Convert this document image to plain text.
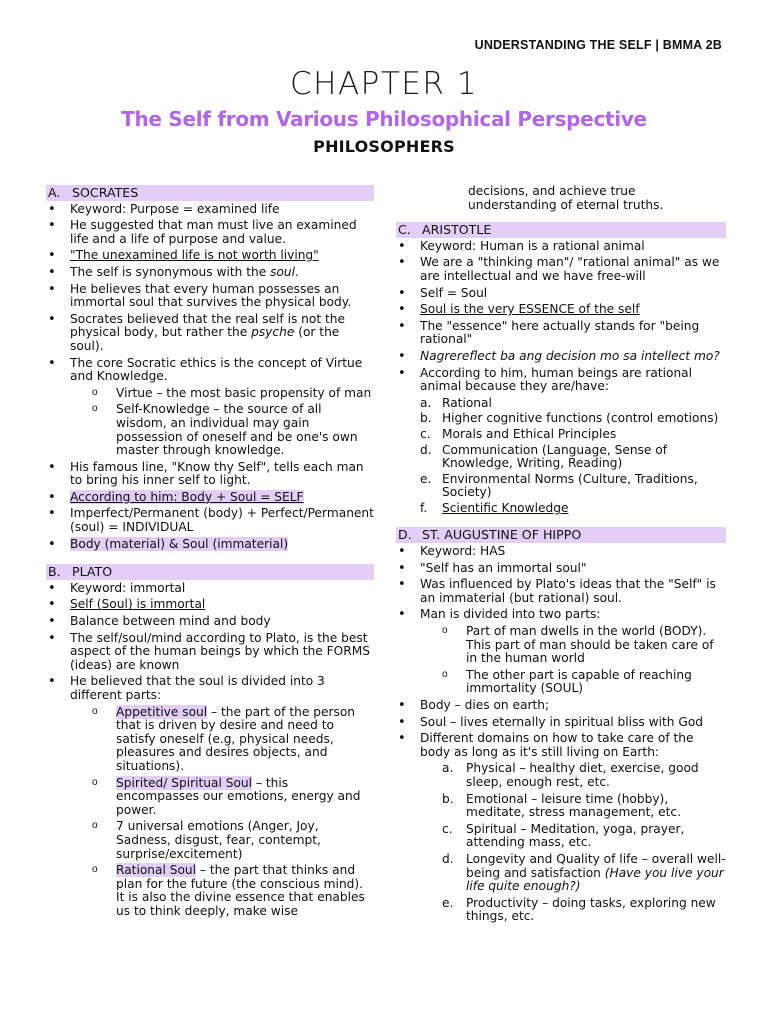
UNDERSTANDING THE SELF | BMMA 2B
CHAPTER 1
The Self from Various Philosophical Perspective
PHILOSOPHERS
A. SOCRATES
• Keyword: Purpose = examined life
• He suggested that man must live an examined life and a life of purpose and value.
• "The unexamined life is not worth living"
• The self is synonymous with the soul.
• He believes that every human possesses an immortal soul that survives the physical body.
• Socrates believed that the real self is not the physical body, but rather the psyche (or the soul).
• The core Socratic ethics is the concept of Virtue and Knowledge.
o Virtue – the most basic propensity of man
o Self-Knowledge – the source of all wisdom, an individual may gain possession of oneself and be one's own master through knowledge.
• His famous line, "Know thy Self", tells each man to bring his inner self to light.
• According to him: Body + Soul = SELF
• Imperfect/Permanent (body) + Perfect/Permanent (soul) = INDIVIDUAL
• Body (material) & Soul (immaterial)
B. PLATO
• Keyword: immortal
• Self (Soul) is immortal
• Balance between mind and body
• The self/soul/mind according to Plato, is the best aspect of the human beings by which the FORMS (ideas) are known
• He believed that the soul is divided into 3 different parts:
o Appetitive soul – the part of the person that is driven by desire and need to satisfy oneself (e.g, physical needs, pleasures and desires objects, and situations).
o Spirited/ Spiritual Soul – this encompasses our emotions, energy and power.
o 7 universal emotions (Anger, Joy, Sadness, disgust, fear, contempt, surprise/excitement)
o Rational Soul – the part that thinks and plan for the future (the conscious mind). It is also the divine essence that enables us to think deeply, make wise
decisions, and achieve true understanding of eternal truths.
C. ARISTOTLE
• Keyword: Human is a rational animal
• We are a "thinking man"/ "rational animal" as we are intellectual and we have free-will
• Self = Soul
• Soul is the very ESSENCE of the self
• The "essence" here actually stands for "being rational"
• Nagrereflect ba ang decision mo sa intellect mo?
• According to him, human beings are rational animal because they are/have:
a. Rational
b. Higher cognitive functions (control emotions)
c. Morals and Ethical Principles
d. Communication (Language, Sense of Knowledge, Writing, Reading)
e. Environmental Norms (Culture, Traditions, Society)
f. Scientific Knowledge
D. ST. AUGUSTINE OF HIPPO
• Keyword: HAS
• "Self has an immortal soul"
• Was influenced by Plato's ideas that the "Self" is an immaterial (but rational) soul.
• Man is divided into two parts:
o Part of man dwells in the world (BODY). This part of man should be taken care of in the human world
o The other part is capable of reaching immortality (SOUL)
• Body – dies on earth;
• Soul – lives eternally in spiritual bliss with God
• Different domains on how to take care of the body as long as it's still living on Earth:
a. Physical – healthy diet, exercise, good sleep, enough rest, etc.
b. Emotional – leisure time (hobby), meditate, stress management, etc.
c. Spiritual – Meditation, yoga, prayer, attending mass, etc.
d. Longevity and Quality of life – overall well-being and satisfaction (Have you live your life quite enough?)
e. Productivity – doing tasks, exploring new things, etc.
